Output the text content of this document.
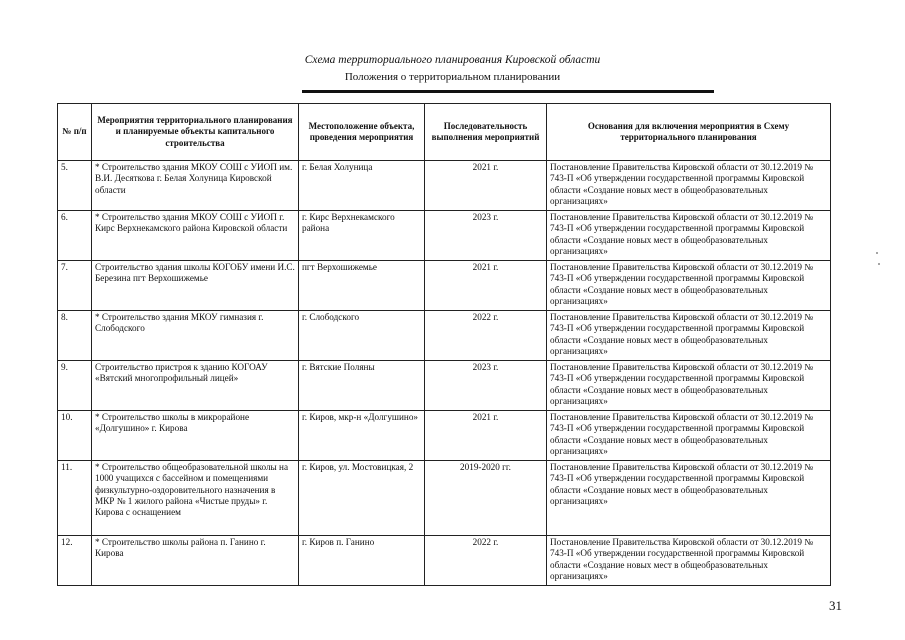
Схема территориального планирования Кировской области
Положения о территориальном планировании
№ п/п	Мероприятия территориального планирования и планируемые объекты капитального строительства	Местоположение объекта, проведения мероприятия	Последовательность выполнения мероприятий	Основания для включения мероприятия в Схему территориального планирования
5.	* Строительство здания МКОУ СОШ с УИОП им. В.И. Десяткова г. Белая Холуница Кировской области	г. Белая Холуница	2021 г.	Постановление Правительства Кировской области от 30.12.2019 № 743-П «Об утверждении государственной программы Кировской области «Создание новых мест в общеобразовательных организациях»
6.	* Строительство здания МКОУ СОШ с УИОП г. Кирс Верхнекамского района Кировской области	г. Кирс Верхнекамского района	2023 г.	Постановление Правительства Кировской области от 30.12.2019 № 743-П «Об утверждении государственной программы Кировской области «Создание новых мест в общеобразовательных организациях»
7.	Строительство здания школы КОГОБУ имени И.С. Березина пгт Верхошижемье	пгт Верхошижемье	2021 г.	Постановление Правительства Кировской области от 30.12.2019 № 743-П «Об утверждении государственной программы Кировской области «Создание новых мест в общеобразовательных организациях»
8.	* Строительство здания МКОУ гимназия г. Слободского	г. Слободского	2022 г.	Постановление Правительства Кировской области от 30.12.2019 № 743-П «Об утверждении государственной программы Кировской области «Создание новых мест в общеобразовательных организациях»
9.	Строительство пристроя к зданию КОГОАУ «Вятский многопрофильный лицей»	г. Вятские Поляны	2023 г.	Постановление Правительства Кировской области от 30.12.2019 № 743-П «Об утверждении государственной программы Кировской области «Создание новых мест в общеобразовательных организациях»
10.	* Строительство школы в микрорайоне «Долгушино» г. Кирова	г. Киров, мкр-н «Долгушино»	2021 г.	Постановление Правительства Кировской области от 30.12.2019 № 743-П «Об утверждении государственной программы Кировской области «Создание новых мест в общеобразовательных организациях»
11.	* Строительство общеобразовательной школы на 1000 учащихся с бассейном и помещениями физкультурно-оздоровительного назначения в МКР № 1 жилого района «Чистые пруды» г. Кирова с оснащением	г. Киров, ул. Мостовицкая, 2	2019-2020 гг.	Постановление Правительства Кировской области от 30.12.2019 № 743-П «Об утверждении государственной программы Кировской области «Создание новых мест в общеобразовательных организациях»
12.	* Строительство школы района п. Ганино г. Кирова	г. Киров п. Ганино	2022 г.	Постановление Правительства Кировской области от 30.12.2019 № 743-П «Об утверждении государственной программы Кировской области «Создание новых мест в общеобразовательных организациях»
31
